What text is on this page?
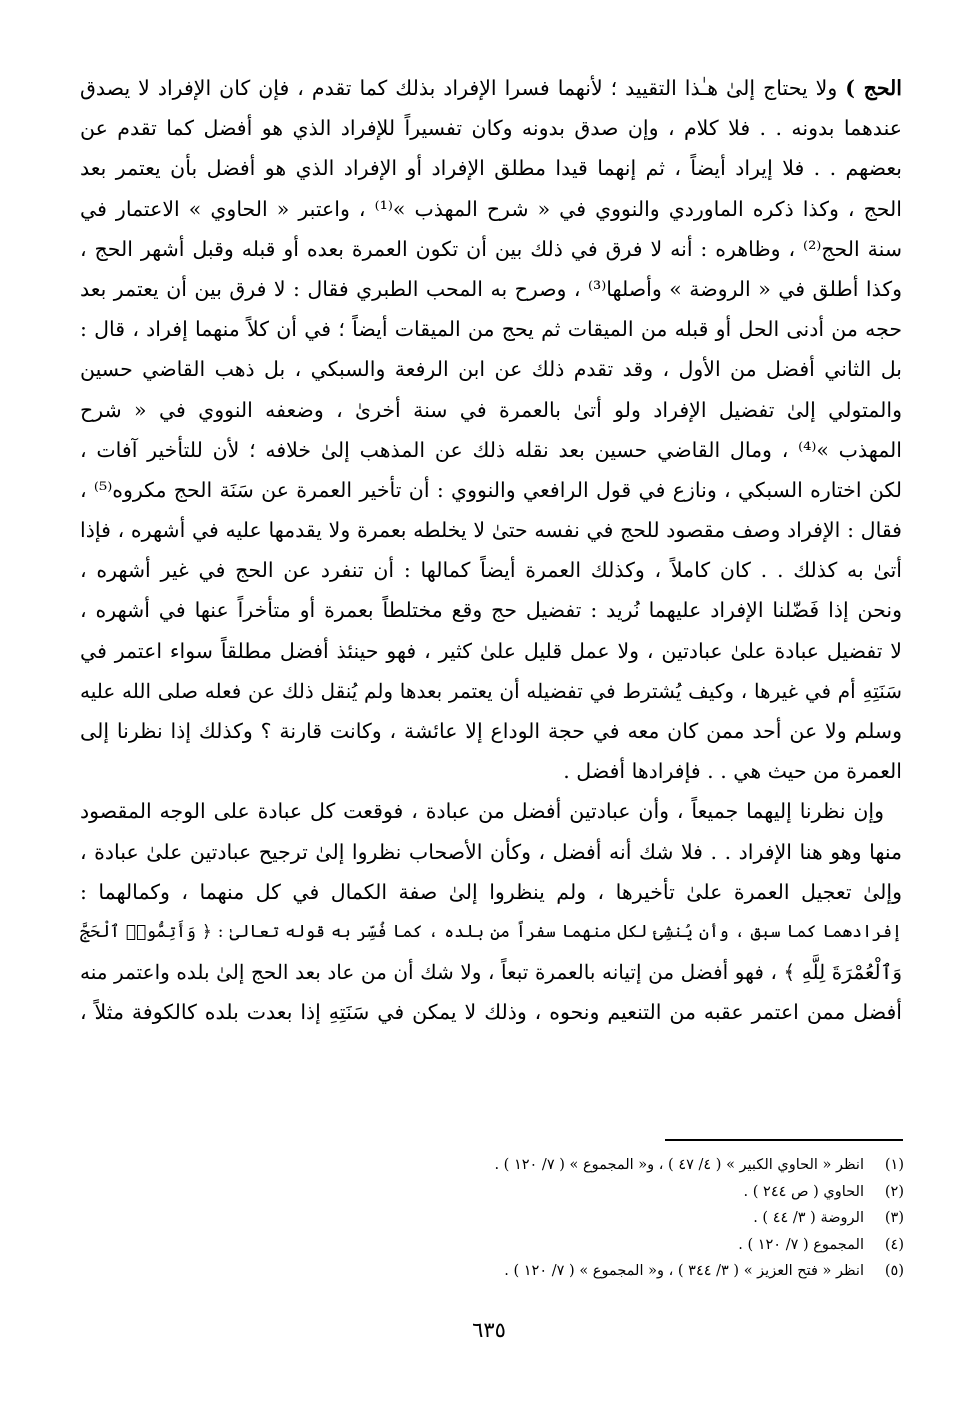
الحج ) ولا يحتاج إلىٰ هـٰذا التقييد ؛ لأنهما فسرا الإفراد بذلك كما تقدم ، فإن كان الإفراد لا يصدق
عندهما بدونه . . فلا كلام ، وإن صدق بدونه وكان تفسيراً للإفراد الذي هو أفضل كما تقدم عن
بعضهم . . فلا إيراد أيضاً ، ثم إنهما قيدا مطلق الإفراد أو الإفراد الذي هو أفضل بأن يعتمر بعد
الحج ، وكذا ذكره الماوردي والنووي في « شرح المهذب »⁽¹⁾ ، واعتبر « الحاوي » الاعتمار في
سنة الحج⁽²⁾ ، وظاهره : أنه لا فرق في ذلك بين أن تكون العمرة بعده أو قبله وقبل أشهر الحج ،
وكذا أطلق في « الروضة » وأصلها⁽³⁾ ، وصرح به المحب الطبري فقال : لا فرق بين أن يعتمر بعد
حجه من أدنى الحل أو قبله من الميقات ثم يحج من الميقات أيضاً ؛ في أن كلاً منهما إفراد ، قال :
بل الثاني أفضل من الأول ، وقد تقدم ذلك عن ابن الرفعة والسبكي ، بل ذهب القاضي حسين
والمتولي إلىٰ تفضيل الإفراد ولو أتىٰ بالعمرة في سنة أخرىٰ ، وضعفه النووي في « شرح
المهذب »⁽⁴⁾ ، ومال القاضي حسين بعد نقله ذلك عن المذهب إلىٰ خلافه ؛ لأن للتأخير آفات ،
لكن اختاره السبكي ، ونازع في قول الرافعي والنووي : أن تأخير العمرة عن سَنَة الحج مكروه⁽⁵⁾ ،
فقال : الإفراد وصف مقصود للحج في نفسه حتىٰ لا يخلطه بعمرة ولا يقدمها عليه في أشهره ، فإذا
أتىٰ به كذلك . . كان كاملاً ، وكذلك العمرة أيضاً كمالها : أن تنفرد عن الحج في غير أشهره ،
ونحن إذا فَضّلنا الإفراد عليهما نُريد : تفضيل حج وقع مختلطاً بعمرة أو متأخراً عنها في أشهره ،
لا تفضيل عبادة علىٰ عبادتين ، ولا عمل قليل علىٰ كثير ، فهو حينئذ أفضل مطلقاً سواء اعتمر في
سَنَتِهِ أم في غيرها ، وكيف يُشترط في تفضيله أن يعتمر بعدها ولم يُنقل ذلك عن فعله صلى الله عليه
وسلم ولا عن أحد ممن كان معه في حجة الوداع إلا عائشة ، وكانت قارنة ؟ وكذلك إذا نظرنا إلى
العمرة من حيث هي . . فإفرادها أفضل .
وإن نظرنا إليهما جميعاً ، وأن عبادتين أفضل من عبادة ، فوقعت كل عبادة على الوجه المقصود
منها وهو هنا الإفراد . . فلا شك أنه أفضل ، وكأن الأصحاب نظروا إلىٰ ترجيح عبادتين علىٰ عبادة ،
وإلىٰ تعجيل العمرة علىٰ تأخيرها ، ولم ينظروا إلىٰ صفة الكمال في كل منهما ، وكمالهما :
إفرادهما كما سبق ، وأن يُنشِئ لكل منهما سفراً من بلده ، كما فُسِّر به قوله تعالىٰ : ﴿ وَأَتِمُّوا۟ ٱلْحَجَّ
وَٱلْعُمْرَةَ لِلَّهِ ﴾ ، فهو أفضل من إتيانه بالعمرة تبعاً ، ولا شك أن من عاد بعد الحج إلىٰ بلده واعتمر منه
أفضل ممن اعتمر عقبه من التنعيم ونحوه ، وذلك لا يمكن في سَنَتِهِ إذا بعدت بلده كالكوفة مثلاً ،
(١)
انظر « الحاوي الكبير » ( ٤/ ٤٧ ) ، و« المجموع » ( ٧/ ١٢٠ ) .
(٢)
الحاوي ( ص ٢٤٤ ) .
(٣)
الروضة ( ٣/ ٤٤ ) .
(٤)
المجموع ( ٧/ ١٢٠ ) .
(٥)
انظر « فتح العزيز » ( ٣/ ٣٤٤ ) ، و« المجموع » ( ٧/ ١٢٠ ) .
٦٣٥
